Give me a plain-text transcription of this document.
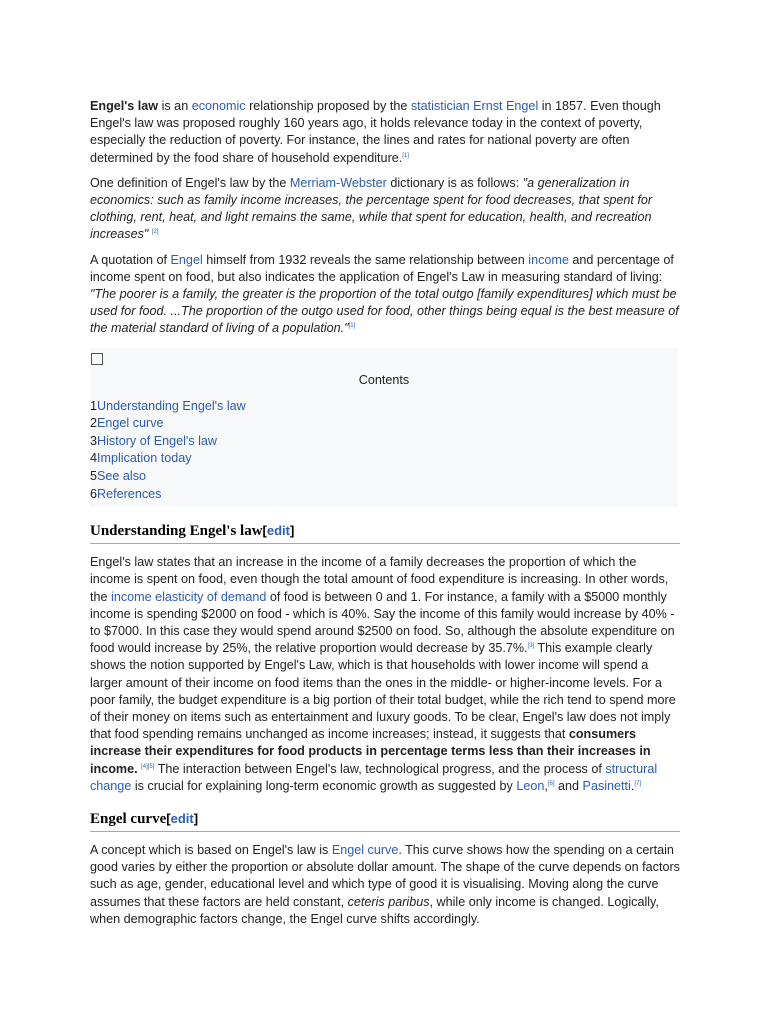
Engel's law is an economic relationship proposed by the statistician Ernst Engel in 1857. Even though Engel's law was proposed roughly 160 years ago, it holds relevance today in the context of poverty, especially the reduction of poverty. For instance, the lines and rates for national poverty are often determined by the food share of household expenditure.[1]

One definition of Engel's law by the Merriam-Webster dictionary is as follows: "a generalization in economics: such as family income increases, the percentage spent for food decreases, that spent for clothing, rent, heat, and light remains the same, while that spent for education, health, and recreation increases" [2]

A quotation of Engel himself from 1932 reveals the same relationship between income and percentage of income spent on food, but also indicates the application of Engel's Law in measuring standard of living: "The poorer is a family, the greater is the proportion of the total outgo [family expenditures] which must be used for food. ...The proportion of the outgo used for food, other things being equal is the best measure of the material standard of living of a population."[1]

Contents
1Understanding Engel's law
2Engel curve
3History of Engel's law
4Implication today
5See also
6References
Understanding Engel's law[edit]

Engel's law states that an increase in the income of a family decreases the proportion of which the income is spent on food, even though the total amount of food expenditure is increasing. In other words, the income elasticity of demand of food is between 0 and 1. For instance, a family with a $5000 monthly income is spending $2000 on food - which is 40%. Say the income of this family would increase by 40% - to $7000. In this case they would spend around $2500 on food. So, although the absolute expenditure on food would increase by 25%, the relative proportion would decrease by 35.7%.[3] This example clearly shows the notion supported by Engel's Law, which is that households with lower income will spend a larger amount of their income on food items than the ones in the middle- or higher-income levels. For a poor family, the budget expenditure is a big portion of their total budget, while the rich tend to spend more of their money on items such as entertainment and luxury goods. To be clear, Engel's law does not imply that food spending remains unchanged as income increases; instead, it suggests that consumers increase their expenditures for food products in percentage terms less than their increases in income. [4][5] The interaction between Engel's law, technological progress, and the process of structural change is crucial for explaining long-term economic growth as suggested by Leon,[6] and Pasinetti.[7]

Engel curve[edit]

A concept which is based on Engel's law is Engel curve. This curve shows how the spending on a certain good varies by either the proportion or absolute dollar amount. The shape of the curve depends on factors such as age, gender, educational level and which type of good it is visualising. Moving along the curve assumes that these factors are held constant, ceteris paribus, while only income is changed. Logically, when demographic factors change, the Engel curve shifts accordingly.
